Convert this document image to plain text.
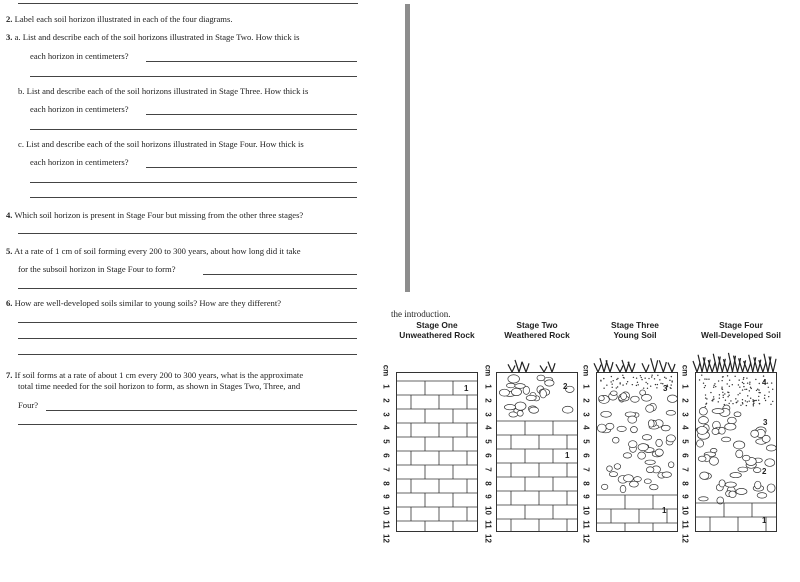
2. Label each soil horizon illustrated in each of the four diagrams.
3. a. List and describe each of the soil horizons illustrated in Stage Two. How thick is
each horizon in centimeters?
b. List and describe each of the soil horizons illustrated in Stage Three. How thick is
each horizon in centimeters?
c. List and describe each of the soil horizons illustrated in Stage Four. How thick is
each horizon in centimeters?
4. Which soil horizon is present in Stage Four but missing from the other three stages?
5. At a rate of 1 cm of soil forming every 200 to 300 years, about how long did it take
for the subsoil horizon in Stage Four to form?
6. How are well-developed soils similar to young soils? How are they different?
7. If soil forms at a rate of about 1 cm every 200 to 300 years, what is the approximate
total time needed for the soil horizon to form, as shown in Stages Two, Three, and
Four?
the introduction.
Stage One
Unweathered Rock
Stage Two
Weathered Rock
Stage Three
Young Soil
Stage Four
Well-Developed Soil
cm
1
2
3
4
5
6
7
8
9
10
11
12
cm
1
2
3
4
5
6
7
8
9
10
11
12
cm
1
2
3
4
5
6
7
8
9
10
11
12
cm
1
2
3
4
5
6
7
8
9
10
11
12
1	2
1
3
1
4
3
2
1
